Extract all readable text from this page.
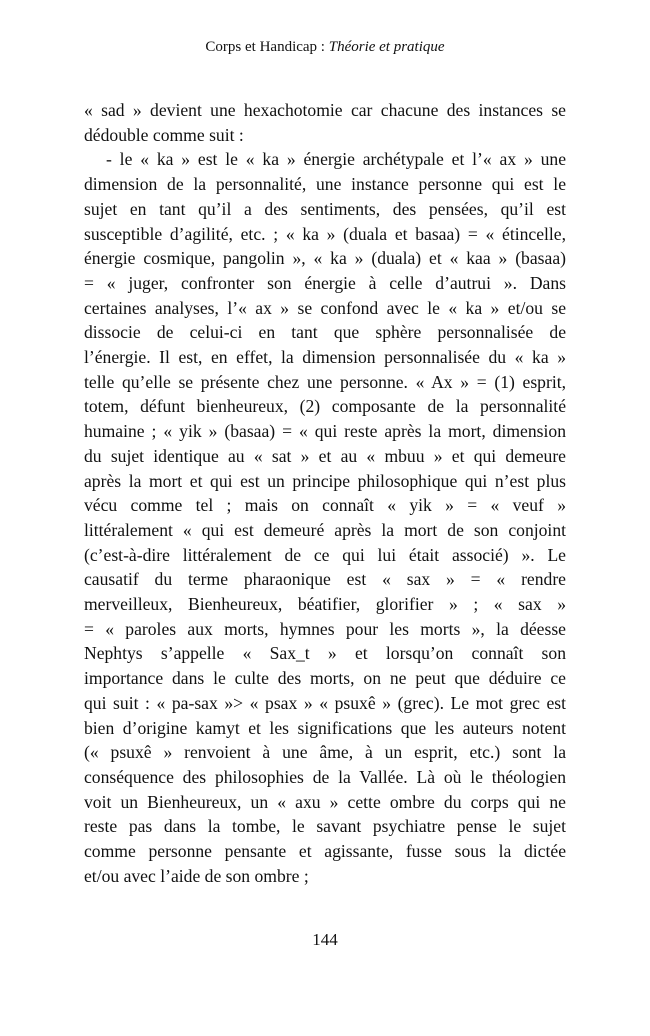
Corps et Handicap : Théorie et pratique
« sad » devient une hexachotomie car chacune des instances se
dédouble comme suit :
- le « ka » est le « ka » énergie archétypale et l’« ax » une
dimension de la personnalité, une instance personne qui est le
sujet en tant qu’il a des sentiments, des pensées, qu’il est
susceptible d’agilité, etc. ; « ka » (duala et basaa) = « étincelle,
énergie cosmique, pangolin », « ka » (duala) et « kaa » (basaa)
= « juger, confronter son énergie à celle d’autrui ». Dans
certaines analyses, l’« ax » se confond avec le « ka » et/ou se
dissocie de celui-ci en tant que sphère personnalisée de
l’énergie. Il est, en effet, la dimension personnalisée du « ka »
telle qu’elle se présente chez une personne. « Ax » = (1) esprit,
totem, défunt bienheureux, (2) composante de la personnalité
humaine ; « yik » (basaa) = « qui reste après la mort, dimension
du sujet identique au « sat » et au « mbuu » et qui demeure
après la mort et qui est un principe philosophique qui n’est plus
vécu comme tel ; mais on connaît « yik » = « veuf »
littéralement « qui est demeuré après la mort de son conjoint
(c’est-à-dire littéralement de ce qui lui était associé) ». Le
causatif du terme pharaonique est « sax » = « rendre
merveilleux, Bienheureux, béatifier, glorifier » ; « sax »
= « paroles aux morts, hymnes pour les morts », la déesse
Nephtys s’appelle « Sax_t » et lorsqu’on connaît son
importance dans le culte des morts, on ne peut que déduire ce
qui suit : « pa-sax »> « psax » « psuxê » (grec). Le mot grec est
bien d’origine kamyt et les significations que les auteurs notent
(« psuxê » renvoient à une âme, à un esprit, etc.) sont la
conséquence des philosophies de la Vallée. Là où le théologien
voit un Bienheureux, un « axu » cette ombre du corps qui ne
reste pas dans la tombe, le savant psychiatre pense le sujet
comme personne pensante et agissante, fusse sous la dictée
et/ou avec l’aide de son ombre ;
144
